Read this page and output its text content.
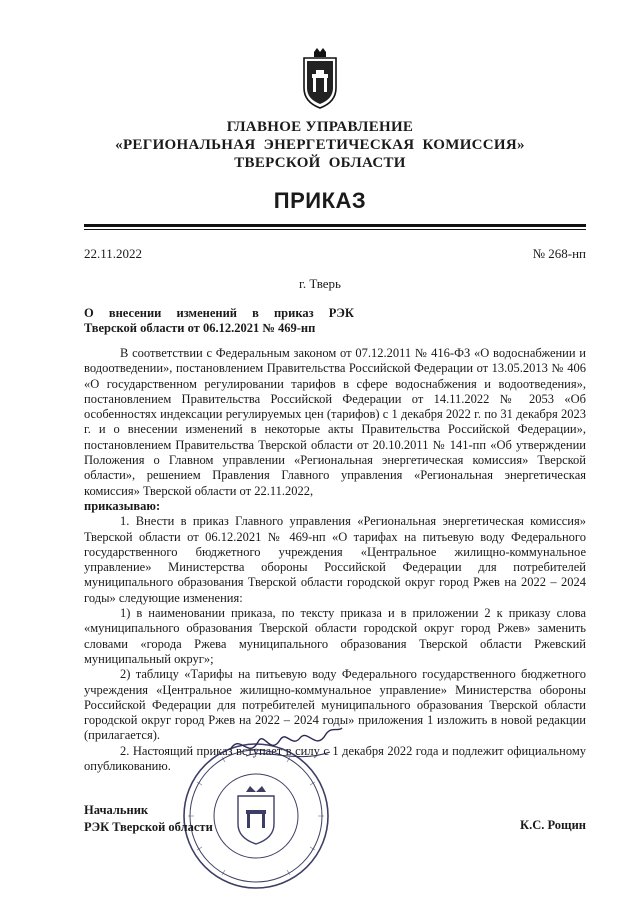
ГЛАВНОЕ УПРАВЛЕНИЕ
«РЕГИОНАЛЬНАЯ ЭНЕРГЕТИЧЕСКАЯ КОМИССИЯ»
ТВЕРСКОЙ ОБЛАСТИ
ПРИКАЗ
22.11.2022	№ 268-нп
г. Тверь
О внесении изменений в приказ РЭК
Тверской области от 06.12.2021 № 469-нп

В соответствии с Федеральным законом от 07.12.2011 № 416-ФЗ «О водоснабжении и водоотведении», постановлением Правительства Российской Федерации от 13.05.2013 № 406 «О государственном регулировании тарифов в сфере водоснабжения и водоотведения», постановлением Правительства Российской Федерации от 14.11.2022 № 2053 «Об особенностях индексации регулируемых цен (тарифов) с 1 декабря 2022 г. по 31 декабря 2023 г. и о внесении изменений в некоторые акты Правительства Российской Федерации», постановлением Правительства Тверской области от 20.10.2011 № 141-пп «Об утверждении Положения о Главном управлении «Региональная энергетическая комиссия» Тверской области», решением Правления Главного управления «Региональная энергетическая комиссия» Тверской области от 22.11.2022,

приказываю:

1. Внести в приказ Главного управления «Региональная энергетическая комиссия» Тверской области от 06.12.2021 № 469-нп «О тарифах на питьевую воду Федерального государственного бюджетного учреждения «Центральное жилищно-коммунальное управление» Министерства обороны Российской Федерации для потребителей муниципального образования Тверской области городской округ город Ржев на 2022 – 2024 годы» следующие изменения:

1) в наименовании приказа, по тексту приказа и в приложении 2 к приказу слова «муниципального образования Тверской области городской округ город Ржев» заменить словами «города Ржева муниципального образования Тверской области Ржевский муниципальный округ»;

2) таблицу «Тарифы на питьевую воду Федерального государственного бюджетного учреждения «Центральное жилищно-коммунальное управление» Министерства обороны Российской Федерации для потребителей муниципального образования Тверской области городской округ город Ржев на 2022 – 2024 годы» приложения 1 изложить в новой редакции (прилагается).

2. Настоящий приказ вступает в силу с 1 декабря 2022 года и подлежит официальному опубликованию.

Начальник
РЭК Тверской области	К.С. Рощин
